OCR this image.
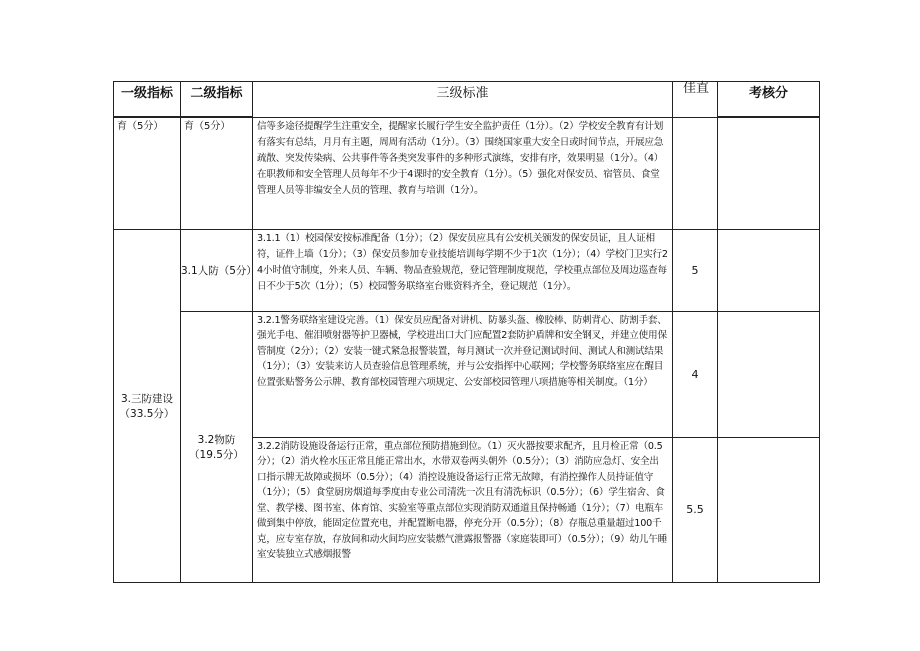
一级指标	二级指标	三级标准	佳直	考核分
育（5分）	育（5分）	信等多途径提醒学生注重安全，提醒家长履行学生安全监护责任（1分）。（2）学校安全教育有计划有落实有总结，月月有主题，周周有活动（1分）。（3）围绕国家重大安全日或时间节点，开展应急疏散、突发传染病、公共事件等各类突发事件的多种形式演练，安排有序，效果明显（1分）。（4）在职教师和安全管理人员每年不少于4课时的安全教育（1分）。（5）强化对保安员、宿管员、食堂管理人员等非编安全人员的管理、教育与培训（1分）。		
3.三防建设（33.5分）	3.1人防（5分）	3.1.1（1）校园保安按标准配备（1分）；（2）保安员应具有公安机关颁发的保安员证，且人证相符，证件上墙（1分）；（3）保安员参加专业技能培训每学期不少于1次（1分）；（4）学校门卫实行24小时值守制度，外来人员、车辆、物品查验规范，登记管理制度规范，学校重点部位及周边巡查每日不少于5次（1分）；（5）校园警务联络室台账资料齐全，登记规范（1分）。	5	
	3.2物防（19.5分）	3.2.1警务联络室建设完善。（1）保安员应配备对讲机、防暴头盔、橡胶棒、防刺背心、防割手套、强光手电、催泪喷射器等护卫器械，学校进出口大门应配置2套防护盾牌和安全钢叉，并建立使用保管制度（2分）；（2）安装一键式紧急报警装置，每月测试一次并登记测试时间、测试人和测试结果（1分）；（3）安装来访人员查验信息管理系统，并与公安指挥中心联网；学校警务联络室应在醒目位置张贴警务公示牌、教育部校园管理六项规定、公安部校园管理八项措施等相关制度。（1分）	4	
		3.2.2消防设施设备运行正常，重点部位预防措施到位。（1）灭火器按要求配齐，且月检正常（0.5分）；（2）消火栓水压正常且能正常出水，水带双卷两头朝外（0.5分）；（3）消防应急灯、安全出口指示牌无故障或损坏（0.5分）；（4）消控设施设备运行正常无故障，有消控操作人员持证值守（1分）；（5）食堂厨房烟道每季度由专业公司清洗一次且有清洗标识（0.5分）；（6）学生宿舍、食堂、教学楼、图书室、体育馆、实验室等重点部位实现消防双通道且保持畅通（1分）；（7）电瓶车做到集中停放，能固定位置充电，并配置断电器，停充分开（0.5分）；（8）存瓶总重量超过100千克，应专室存放，存放间和动火间均应安装燃气泄露报警器（家庭装即可）（0.5分）；（9）幼儿午睡室安装独立式感烟报警	5.5	
